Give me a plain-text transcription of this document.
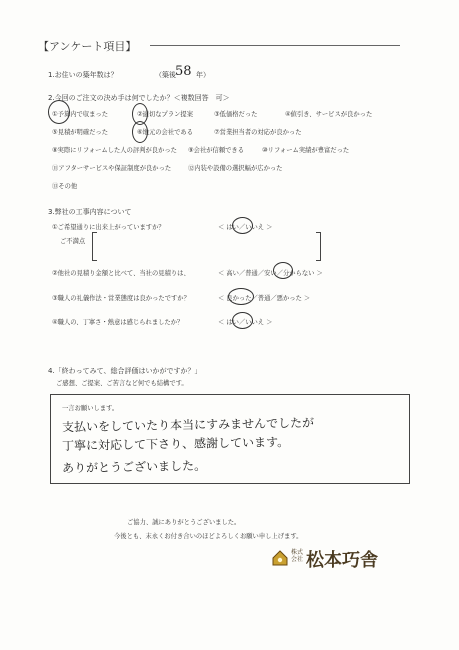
【アンケート項目】
1.お住いの築年数は？	（築後 58 年）
2.今回のご注文の決め手は何でしたか？＜複数回答　可＞
①予算内で収まった	②適切なプラン提案	③低価格だった	④値引き、サービスが良かった
⑤見積が明確だった	⑥地元の会社である	⑦営業担当者の対応が良かった
⑧実際にリフォームした人の評判が良かった ⑨会社が信頼できる	⑩リフォーム実績が豊富だった
⑪アフターサービスや保証制度が良かった	⑫内装や設備の選択幅が広かった
⑬その他
3.弊社の工事内容について
①ご希望通りに出来上がっていますか？	＜ はい／いいえ ＞
ご不満点
②他社の見積り金額と比べて、当社の見積りは、	＜ 高い／普通／安い／分からない ＞
③職人の礼儀作法・営業態度は良かったですか？	＜ 良かった／普通／悪かった ＞
④職人の、丁寧さ・熱意は感じられましたか？	＜ はい／いいえ ＞
4.「終わってみて、総合評価はいかがですか？」
ご感想、ご提案、ご苦言など何でも結構です。
一言お願いします。
支払いをしていたり本当にすみませんでしたが
丁寧に対応して下さり、感謝しています。
ありがとうございました。
ご協力、誠にありがとうございました。
今後とも、末永くお付き合いのほどよろしくお願い申し上げます。
株式会社 松本巧舎
